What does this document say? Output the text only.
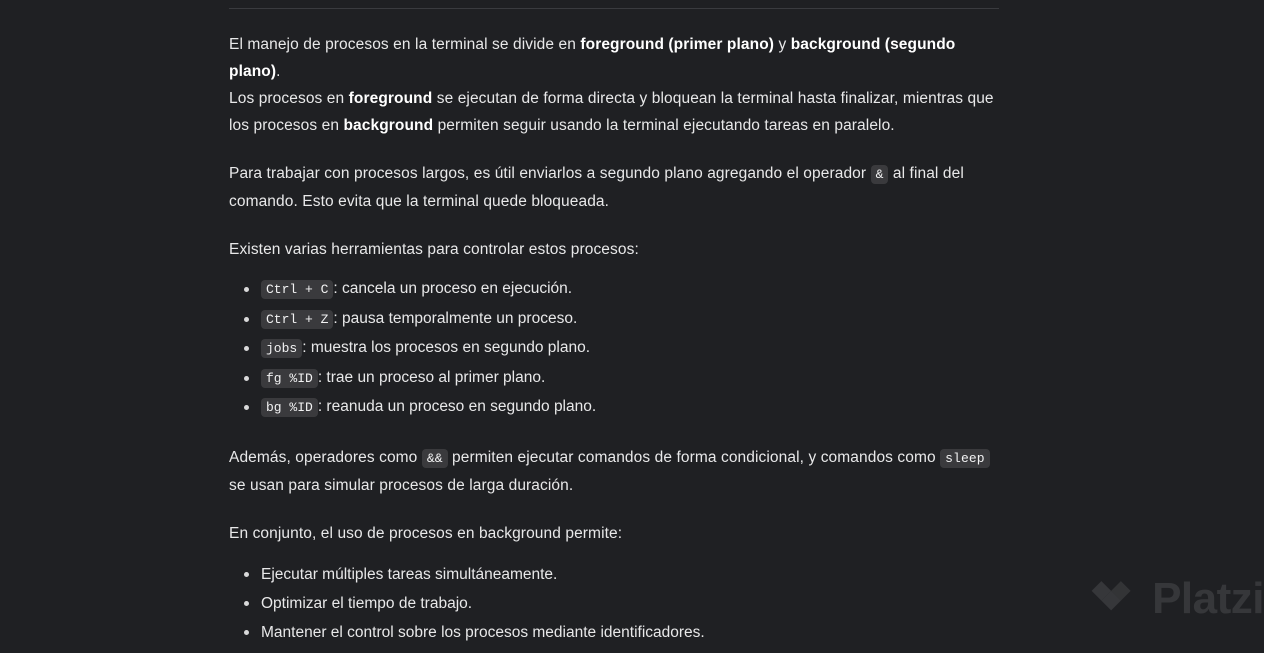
El manejo de procesos en la terminal se divide en foreground (primer plano) y background (segundo plano).

Los procesos en foreground se ejecutan de forma directa y bloquean la terminal hasta finalizar, mientras que los procesos en background permiten seguir usando la terminal ejecutando tareas en paralelo.

Para trabajar con procesos largos, es útil enviarlos a segundo plano agregando el operador & al final del comando. Esto evita que la terminal quede bloqueada.

Existen varias herramientas para controlar estos procesos:

Ctrl + C : cancela un proceso en ejecución.
Ctrl + Z : pausa temporalmente un proceso.
jobs : muestra los procesos en segundo plano.
fg %ID : trae un proceso al primer plano.
bg %ID : reanuda un proceso en segundo plano.

Además, operadores como && permiten ejecutar comandos de forma condicional, y comandos como sleep se usan para simular procesos de larga duración.

En conjunto, el uso de procesos en background permite:

Ejecutar múltiples tareas simultáneamente.
Optimizar el tiempo de trabajo.
Mantener el control sobre los procesos mediante identificadores.
Platzi
